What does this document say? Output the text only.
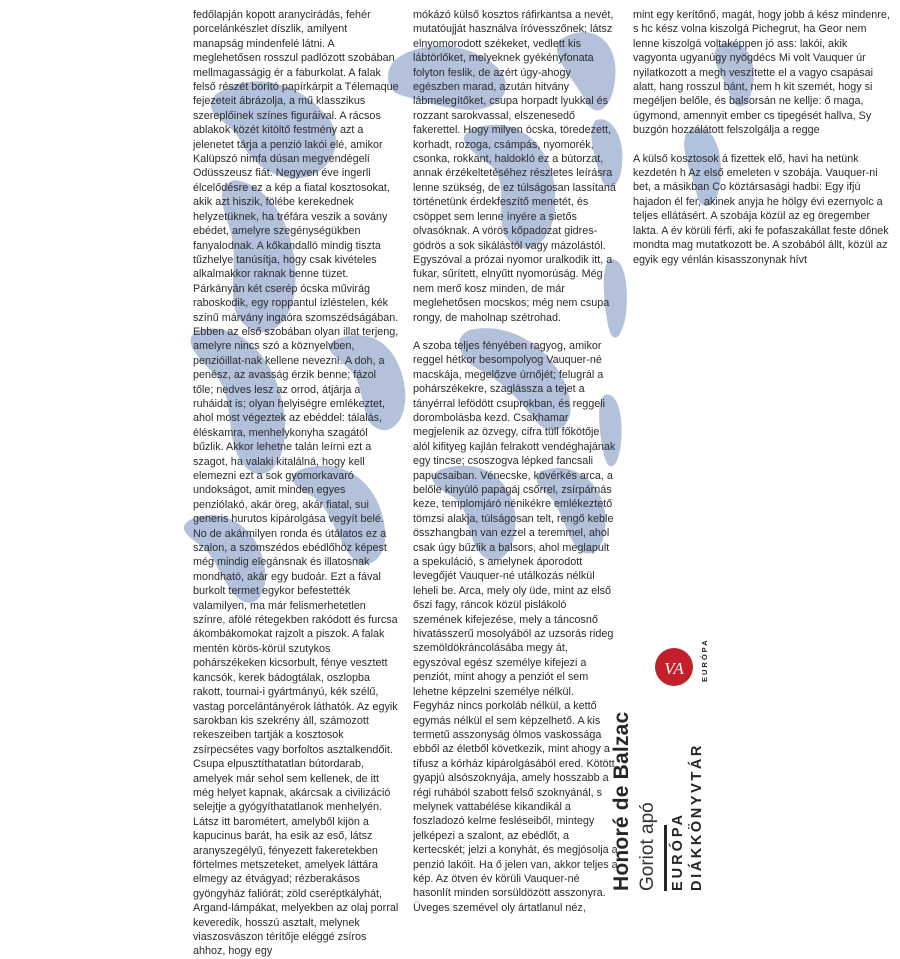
fedőlapján kopott aranycirádás, fehér porcelánkészlet díszlik, amilyent manapság mindenfelé látni. A meglehetősen rosszul padlózott szobában mellmagasságig ér a faburkolat. A falak felső részét borító papírkárpit a Télemaque fejezeteit ábrázolja, a mű klasszikus szereplőinek színes figuráival. A rácsos ablakok közét kitöltő festmény azt a jelenetet tárja a penzió lakói elé, amikor Kalüpszó nimfa dúsan megvendégeli Odüsszeusz fiát. Negyven éve ingerli élcelődésre ez a kép a fiatal kosztosokat, akik azt hiszik, fölébe kerekednek helyzetüknek, ha tréfára veszik a sovány ebédet, amelyre szegénységükben fanyalodnak. A kőkandalló mindig tiszta tűzhelye tanúsítja, hogy csak kivételes alkalmakkor raknak benne tüzet. Párkányán két cserép ócska művirág raboskodik, egy roppantul ízléstelen, kék színű márvány ingaóra szomszédságában. Ebben az első szobában olyan illat terjeng, amelyre nincs szó a köznyelvben, penzióillat-nak kellene nevezni. A doh, a penész, az avasság érzik benne; fázol tőle; nedves lesz az orrod, átjárja a ruháidat is; olyan helyiségre emlékeztet, ahol most végeztek az ebéddel: tálalás, éléskamra, menhelykonyha szagától bűzlik. Akkor lehetne talán leírni ezt a szagot, ha valaki kitalálná, hogy kell elemezni ezt a sok gyomorkavaró undokságot, amit minden egyes penziólakó, akár öreg, akár fiatal, sui generis hurutos kipárolgása vegyít belé. No de akármilyen ronda és útálatos ez a szalon, a szomszédos ebédlőhöz képest még mindig elegánsnak és illatosnak mondható, akár egy budoár. Ezt a fával burkolt termet egykor befestették valamilyen, ma már felismerhetetlen színre, afölé rétegekben rakódott és furcsa ákombákomokat rajzolt a piszok. A falak mentén körös-körül szutykos pohárszékeken kicsorbult, fénye vesztett kancsók, kerek bádogtálak, oszlopba rakott, tournai-i gyártmányú, kék szélű, vastag porcelántányérok láthatók. Az egyik sarokban kis szekrény áll, számozott rekeszeiben tartják a kosztosok zsírpecsétes vagy borfoltos asztalkendőit. Csupa elpusztíthatatlan bútordarab, amelyek már sehol sem kellenek, de itt még helyet kapnak, akárcsak a civilizáció selejtje a gyógyíthatatlanok menhelyén. Látsz itt barométert, amelyből kijön a kapucinus barát, ha esik az eső, látsz aranyszegélyű, fényezett fakeretekben förtelmes metszeteket, amelyek láttára elmegy az étvágyad; rézberakásos gyöngyház faliórát; zöld cseréptkályhát, Argand-lámpákat, melyekben az olaj porral keveredik, hosszú asztalt, melynek viaszosvászon térítője eléggé zsíros ahhoz, hogy egy

mókázó külső kosztos ráfirkantsa a nevét, mutatóujját használva íróvesszőnek; látsz elnyomorodott székeket, vedlett kis lábtörlőket, melyeknek gyékényfonata folyton feslik, de azért úgy-ahogy egészben marad, azután hitvány lábmelegítőket, csupa horpadt lyukkal és rozzant sarokvassal, elszenesedő fakerettel. Hogy milyen ócska, töredezett, korhadt, rozoga, csámpás, nyomorék, csonka, rokkant, haldokló ez a bútorzat, annak érzékeltetéséhez részletes leírásra lenne szükség, de ez túlságosan lassítaná történetünk érdekfeszítő menetét, és csöppet sem lenne ínyére a sietős olvasóknak. A vörös kőpadozat gidres-gödrös a sok sikálástól vagy mázolástól. Egyszóval a prózai nyomor uralkodik itt, a fukar, sűrített, elnyűtt nyomorúság. Még nem merő kosz minden, de már meglehetősen mocskos; még nem csupa rongy, de maholnap szétrohad.

A szoba teljes fényében ragyog, amikor reggel hétkor besompolyog Vauquer-né macskája, megelőzve úrnőjét; felugrál a pohárszékekre, szaglássza a tejet a tányérral lefödött csuprokban, és reggeli dorombolásba kezd. Csakhamar megjelenik az özvegy, cifra tüll főkötője alól kifityeg kajlán felrakott vendéghajának egy tincse; csoszogva lépked fancsali papucsaiban. Vénecske, kövérkés arca, a belőle kinyúló papagáj csőrrel, zsírpárnás keze, templomjáró nénikékre emlékeztető tömzsi alakja, túlságosan telt, rengő keble összhangban van ezzel a teremmel, ahol csak úgy bűzlik a balsors, ahol meglapult a spekuláció, s amelynek áporodott levegőjét Vauquer-né utálkozás nélkül leheli be. Arca, mely oly üde, mint az első őszi fagy, ráncok közül pislákoló szemének kifejezése, mely a táncosnő hivatásszerű mosolyából az uzsorás rideg szemöldökráncolásába megy át, egyszóval egész személye kifejezi a penziót, mint ahogy a penziót el sem lehetne képzelni személye nélkül. Fegyház nincs porkoláb nélkül, a kettő egymás nélkül el sem képzelhető. A kis termetű asszonyság ólmos vaskossága ebből az életből következik, mint ahogy a tífusz a kórház kipárolgásából ered. Kötött gyapjú alsószoknyája, amely hosszabb a régi ruhából szabott felső szoknyánál, s melynek vattabélése kikandikál a foszladozó kelme fesléseiből, mintegy jelképezi a szalont, az ebédlőt, a kertecskét; jelzi a konyhát, és megjósolja a penzió lakóit. Ha ő jelen van, akkor teljes a kép. Az ötven év körüli Vauquer-né hasonlít minden sorsüldözött asszonyra. Üveges szemével oly ártatlanul néz,

mint egy kerítőnő, magát, hogy jobb á kész mindenre, s hc kész volna kiszolgá Pichegrut, ha Geor nem lenne kiszolgá voltaképpen jó ass: lakói, akik vagyonta ugyanúgy nyögdécs Mi volt Vauquer úr nyilatkozott a megh veszítette el a vagyo csapásai alatt, hang rosszul bánt, nem h kit szemét, hogy si megéljen belőle, és balsorsán ne kellje: ő maga, úgymond, amennyit ember cs tipegését hallva, Sy buzgón hozzálátott felszolgálja a regge

A külső kosztosok á fizettek elő, havi ha netünk kezdetén h Az első emeleten v szobája. Vauquer-ni bet, a másikban Co köztársasági hadbi: Egy ifjú hajadon él fer, akinek anyja he hölgy évi ezernyolc a teljes ellátásért. A szobája közül az eg öregember lakta. A év körüli férfi, aki fe pofaszakállat feste dőnek mondta mag mutatkozott be. A szobából állt, közül az egyik egy vénlán kisasszonynak hívt

VA EURÓPA
Honoré de Balzac Goriot apó EURÓPA DIÁKKÖNYVTÁR
